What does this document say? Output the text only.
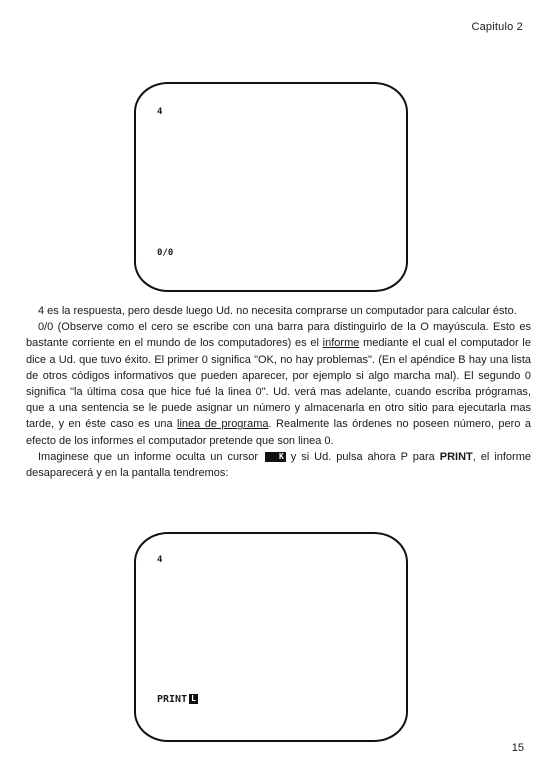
Capitulo 2
4
0/0

4 es la respuesta, pero desde luego Ud. no necesita comprarse un computador para calcular ésto.

0/0 (Observe como el cero se escribe con una barra para distinguirlo de la O mayúscula. Esto es bastante corriente en el mundo de los computadores) es el informe mediante el cual el computador le dice a Ud. que tuvo éxito. El primer 0 significa "OK, no hay problemas". (En el apéndice B hay una lista de otros códigos informativos que pueden aparecer, por ejemplo si algo marcha mal). El segundo 0 significa "la última cosa que hice fué la linea 0". Ud. verá mas adelante, cuando escriba prógramas, que a una sentencia se le puede asignar un número y almacenarla en otro sitio para ejecutarla mas tarde, y en éste caso es una linea de programa. Realmente las órdenes no poseen número, pero a efecto de los informes el computador pretende que son linea 0.

Imaginese que un informe oculta un cursor K y si Ud. pulsa ahora P para PRINT, el informe desaparecerá y en la pantalla tendremos:

4
PRINT L
15
